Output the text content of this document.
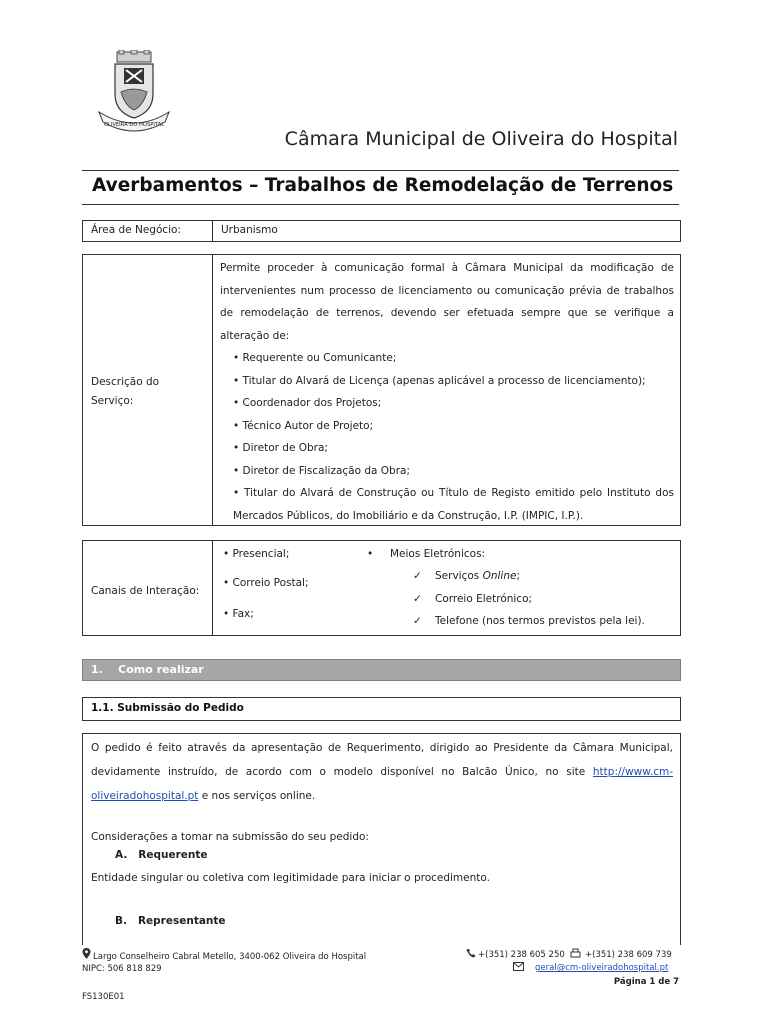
OLIVEIRA DO HOSPITAL
Câmara Municipal de Oliveira do Hospital
Averbamentos – Trabalhos de Remodelação de Terrenos
Área de Negócio:	Urbanismo
Descrição do
Serviço:

Permite proceder à comunicação formal à Câmara Municipal da modificação de intervenientes num processo de licenciamento ou comunicação prévia de trabalhos de remodelação de terrenos, devendo ser efetuada sempre que se verifique a alteração de:

• Requerente ou Comunicante;

• Titular do Alvará de Licença (apenas aplicável a processo de licenciamento);

• Coordenador dos Projetos;

• Técnico Autor de Projeto;

• Diretor de Obra;

• Diretor de Fiscalização da Obra;

• Titular do Alvará de Construção ou Título de Registo emitido pelo Instituto dos Mercados Públicos, do Imobiliário e da Construção, I.P. (IMPIC, I.P.).

Canais de Interação:
• Presencial;
• Correio Postal;
• Fax;
• Meios Eletrónicos:
✓ Serviços Online;
✓ Correio Eletrónico;
✓ Telefone (nos termos previstos pela lei).
1.    Como realizar
1.1. Submissão do Pedido

O pedido é feito através da apresentação de Requerimento, dirigido ao Presidente da Câmara Municipal, devidamente instruído, de acordo com o modelo disponível no Balcão Único, no site http://www.cm-oliveiradohospital.pt e nos serviços online.

Considerações a tomar na submissão do seu pedido:
A.   Requerente
Entidade singular ou coletiva com legitimidade para iniciar o procedimento.
B.   Representante
Largo Conselheiro Cabral Metello, 3400-062 Oliveira do Hospital
NIPC: 506 818 829
+(351) 238 605 250 +(351) 238 609 739
geral@cm-oliveiradohospital.pt
Página 1 de 7
FS130E01
